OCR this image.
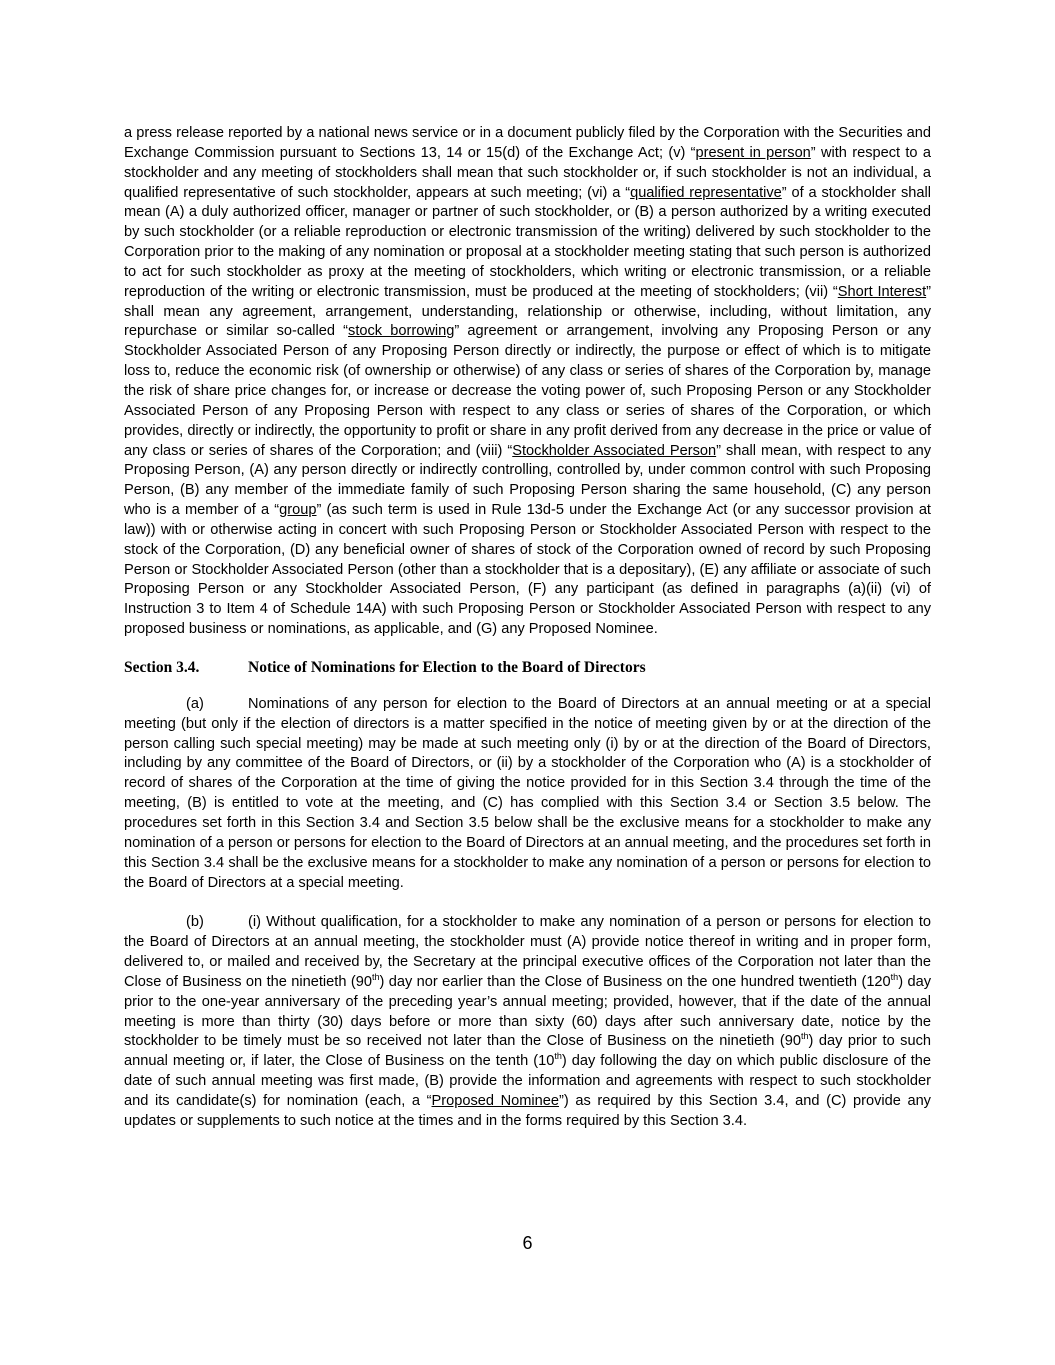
a press release reported by a national news service or in a document publicly filed by the Corporation with the Securities and Exchange Commission pursuant to Sections 13, 14 or 15(d) of the Exchange Act; (v) “present in person” with respect to a stockholder and any meeting of stockholders shall mean that such stockholder or, if such stockholder is not an individual, a qualified representative of such stockholder, appears at such meeting; (vi) a “qualified representative” of a stockholder shall mean (A) a duly authorized officer, manager or partner of such stockholder, or (B) a person authorized by a writing executed by such stockholder (or a reliable reproduction or electronic transmission of the writing) delivered by such stockholder to the Corporation prior to the making of any nomination or proposal at a stockholder meeting stating that such person is authorized to act for such stockholder as proxy at the meeting of stockholders, which writing or electronic transmission, or a reliable reproduction of the writing or electronic transmission, must be produced at the meeting of stockholders; (vii) “Short Interest” shall mean any agreement, arrangement, understanding, relationship or otherwise, including, without limitation, any repurchase or similar so-called “stock borrowing” agreement or arrangement, involving any Proposing Person or any Stockholder Associated Person of any Proposing Person directly or indirectly, the purpose or effect of which is to mitigate loss to, reduce the economic risk (of ownership or otherwise) of any class or series of shares of the Corporation by, manage the risk of share price changes for, or increase or decrease the voting power of, such Proposing Person or any Stockholder Associated Person of any Proposing Person with respect to any class or series of shares of the Corporation, or which provides, directly or indirectly, the opportunity to profit or share in any profit derived from any decrease in the price or value of any class or series of shares of the Corporation; and (viii) “Stockholder Associated Person” shall mean, with respect to any Proposing Person, (A) any person directly or indirectly controlling, controlled by, under common control with such Proposing Person, (B) any member of the immediate family of such Proposing Person sharing the same household, (C) any person who is a member of a “group” (as such term is used in Rule 13d-5 under the Exchange Act (or any successor provision at law)) with or otherwise acting in concert with such Proposing Person or Stockholder Associated Person with respect to the stock of the Corporation, (D) any beneficial owner of shares of stock of the Corporation owned of record by such Proposing Person or Stockholder Associated Person (other than a stockholder that is a depositary), (E) any affiliate or associate of such Proposing Person or any Stockholder Associated Person, (F) any participant (as defined in paragraphs (a)(ii) (vi) of Instruction 3 to Item 4 of Schedule 14A) with such Proposing Person or Stockholder Associated Person with respect to any proposed business or nominations, as applicable, and (G) any Proposed Nominee.

Section 3.4.	Notice of Nominations for Election to the Board of Directors

(a)	Nominations of any person for election to the Board of Directors at an annual meeting or at a special meeting (but only if the election of directors is a matter specified in the notice of meeting given by or at the direction of the person calling such special meeting) may be made at such meeting only (i) by or at the direction of the Board of Directors, including by any committee of the Board of Directors, or (ii) by a stockholder of the Corporation who (A) is a stockholder of record of shares of the Corporation at the time of giving the notice provided for in this Section 3.4 through the time of the meeting, (B) is entitled to vote at the meeting, and (C) has complied with this Section 3.4 or Section 3.5 below. The procedures set forth in this Section 3.4 and Section 3.5 below shall be the exclusive means for a stockholder to make any nomination of a person or persons for election to the Board of Directors at an annual meeting, and the procedures set forth in this Section 3.4 shall be the exclusive means for a stockholder to make any nomination of a person or persons for election to the Board of Directors at a special meeting.

(b)	(i) Without qualification, for a stockholder to make any nomination of a person or persons for election to the Board of Directors at an annual meeting, the stockholder must (A) provide notice thereof in writing and in proper form, delivered to, or mailed and received by, the Secretary at the principal executive offices of the Corporation not later than the Close of Business on the ninetieth (90th) day nor earlier than the Close of Business on the one hundred twentieth (120th) day prior to the one-year anniversary of the preceding year’s annual meeting; provided, however, that if the date of the annual meeting is more than thirty (30) days before or more than sixty (60) days after such anniversary date, notice by the stockholder to be timely must be so received not later than the Close of Business on the ninetieth (90th) day prior to such annual meeting or, if later, the Close of Business on the tenth (10th) day following the day on which public disclosure of the date of such annual meeting was first made, (B) provide the information and agreements with respect to such stockholder and its candidate(s) for nomination (each, a “Proposed Nominee”) as required by this Section 3.4, and (C) provide any updates or supplements to such notice at the times and in the forms required by this Section 3.4.

6
